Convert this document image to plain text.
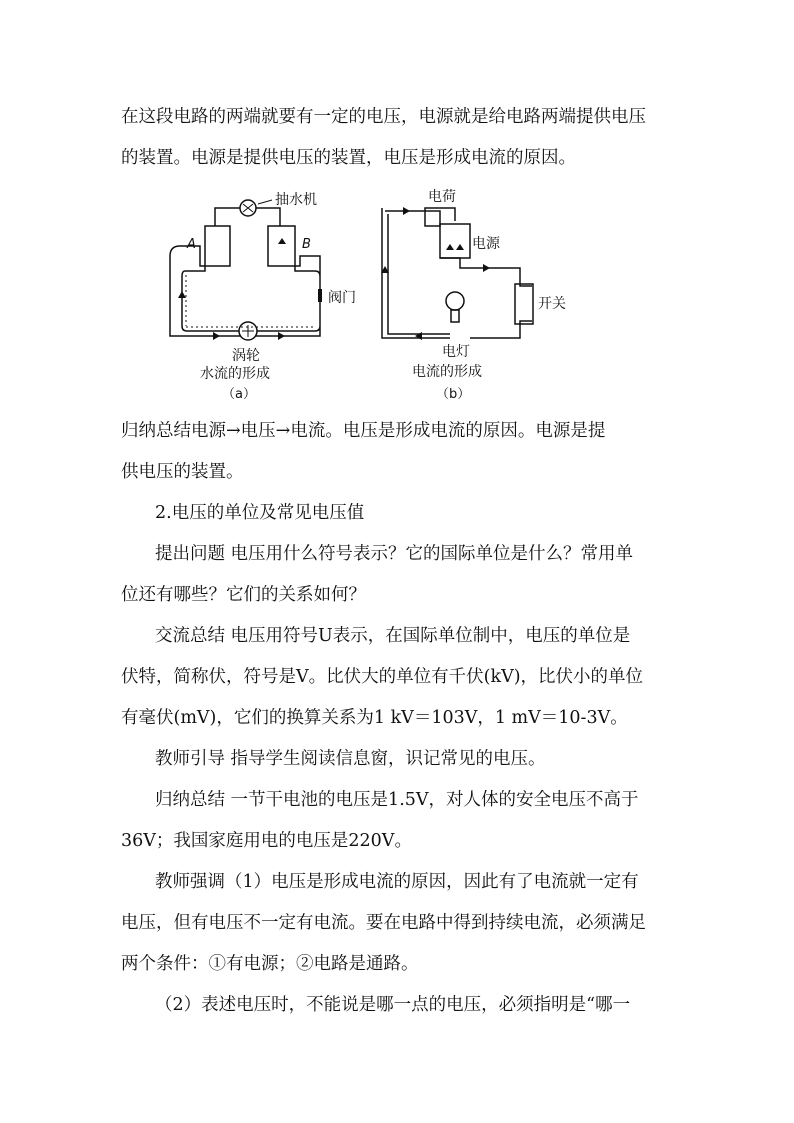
在这段电路的两端就要有一定的电压，电源就是给电路两端提供电压

的装置。电源是提供电压的装置，电压是形成电流的原因。

抽水机
A	B
阀门
涡轮
水流的形成
（a）
电荷
电源
开关
电灯
电流的形成
（b）

归纳总结电源→电压→电流。电压是形成电流的原因。电源是提

供电压的装置。

2.电压的单位及常见电压值

提出问题 电压用什么符号表示？它的国际单位是什么？常用单

位还有哪些？它们的关系如何？

交流总结 电压用符号U表示，在国际单位制中，电压的单位是

伏特，简称伏，符号是V。比伏大的单位有千伏(kV)，比伏小的单位

有毫伏(mV)，它们的换算关系为1 kV＝103V，1 mV＝10-3V。

教师引导 指导学生阅读信息窗，识记常见的电压。

归纳总结 一节干电池的电压是1.5V，对人体的安全电压不高于

36V；我国家庭用电的电压是220V。

教师强调（1）电压是形成电流的原因，因此有了电流就一定有

电压，但有电压不一定有电流。要在电路中得到持续电流，必须满足

两个条件：①有电源；②电路是通路。

（2）表述电压时，不能说是哪一点的电压，必须指明是“哪一
